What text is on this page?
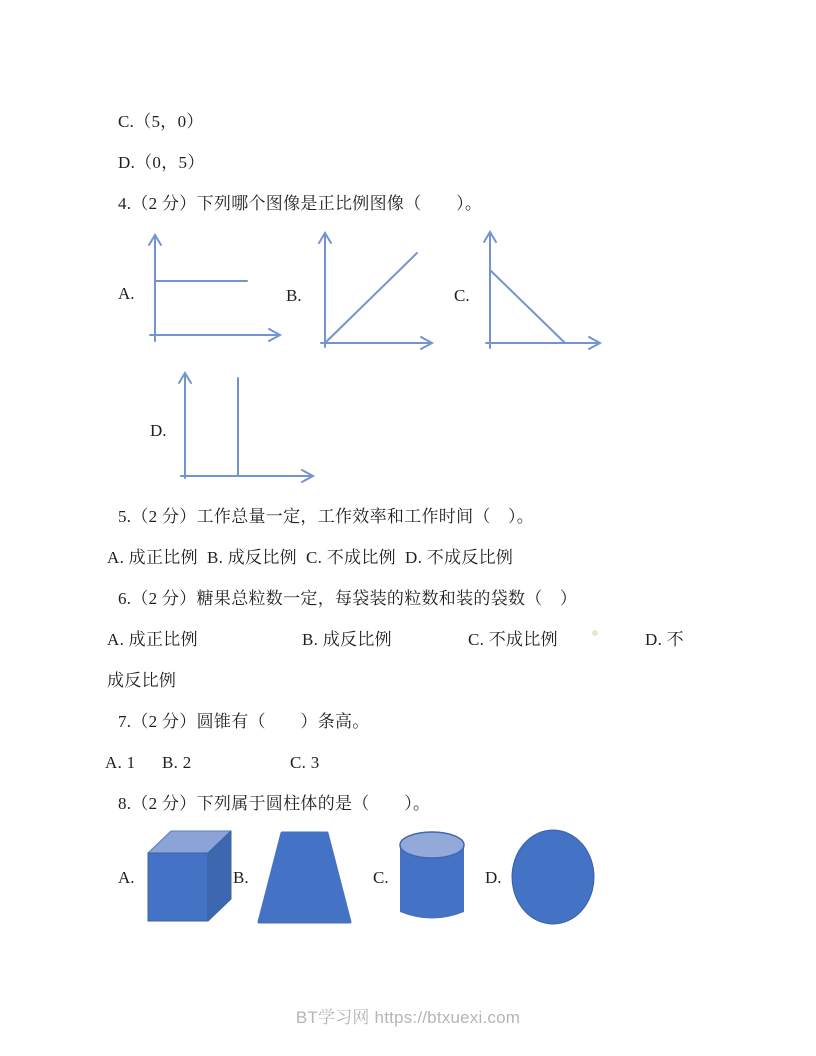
C.（5，0）
D.（0，5）
4.（2 分）下列哪个图像是正比例图像（　　）。
A.	B.	C.
D.
5.（2 分）工作总量一定，工作效率和工作时间（　）。
A. 成正比例  B. 成反比例  C. 不成比例  D. 不成反比例
6.（2 分）糖果总粒数一定，每袋装的粒数和装的袋数（　）
A. 成正比例	B. 成反比例	C. 不成比例	D. 不
成反比例
7.（2 分）圆锥有（　　）条高。
A. 1 B. 2	C. 3
8.（2 分）下列属于圆柱体的是（　　）。
A.	B.	C.	D.
BT学习网 https://btxuexi.com
